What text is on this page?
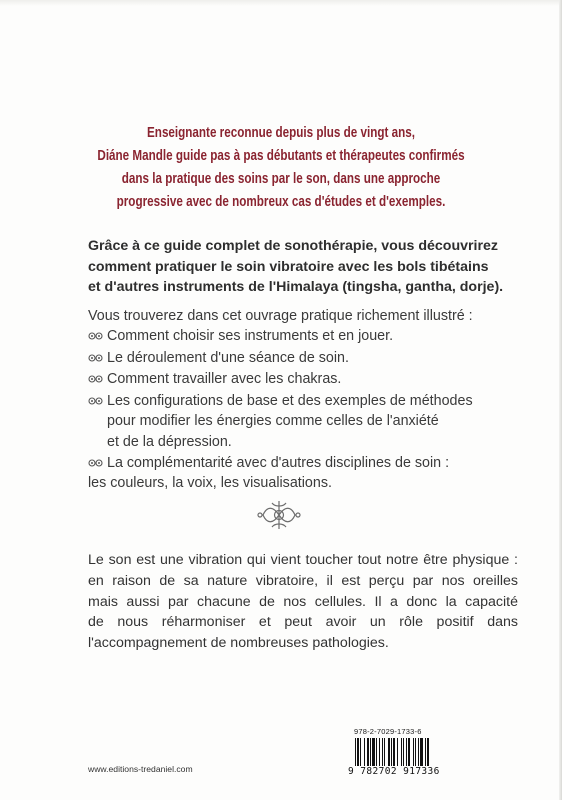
Enseignante reconnue depuis plus de vingt ans,
Diáne Mandle guide pas à pas débutants et thérapeutes confirmés
dans la pratique des soins par le son, dans une approche
progressive avec de nombreux cas d'études et d'exemples.
Grâce à ce guide complet de sonothérapie, vous découvrirez
comment pratiquer le soin vibratoire avec les bols tibétains
et d'autres instruments de l'Himalaya (tingsha, gantha, dorje).
Vous trouverez dans cet ouvrage pratique richement illustré :
Comment choisir ses instruments et en jouer.
Le déroulement d'une séance de soin.
Comment travailler avec les chakras.
Les configurations de base et des exemples de méthodes
pour modifier les énergies comme celles de l'anxiété
et de la dépression.
La complémentarité avec d'autres disciplines de soin :
les couleurs, la voix, les visualisations.
Le son est une vibration qui vient toucher tout notre être physique :
en raison de sa nature vibratoire, il est perçu par nos oreilles
mais aussi par chacune de nos cellules. Il a donc la capacité
de nous réharmoniser et peut avoir un rôle positif dans
l'accompagnement de nombreuses pathologies.
978-2-7029-1733-6
9 782702 917336
www.editions-tredaniel.com
